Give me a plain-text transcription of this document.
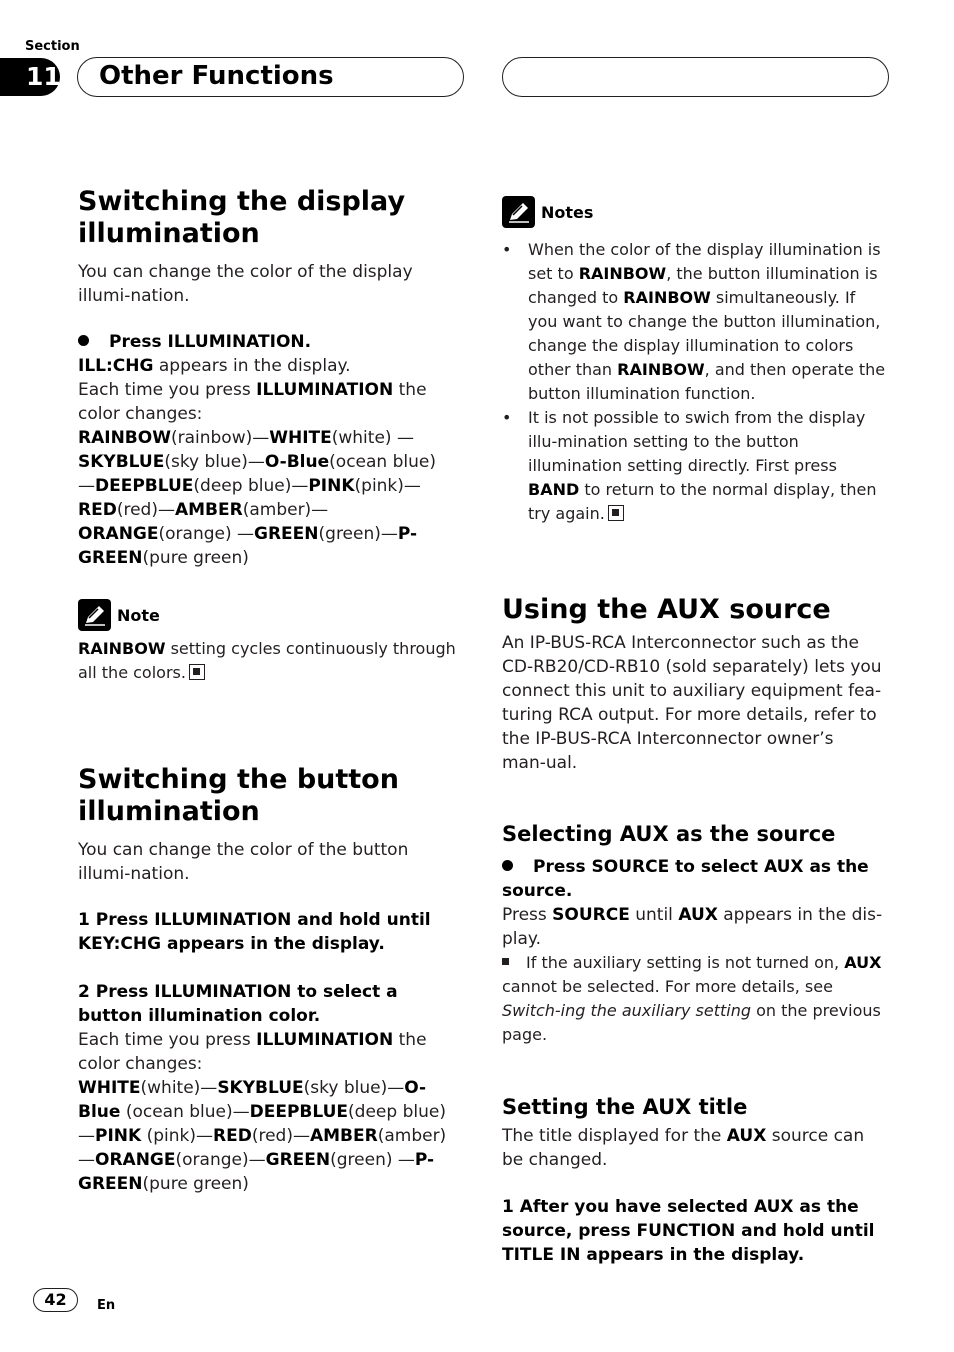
Section
11	Other Functions
Switching the display illumination

You can change the color of the display illumi-nation.

Press ILLUMINATION.

ILL:CHG appears in the display.

Each time you press ILLUMINATION the color changes:

RAINBOW(rainbow)—WHITE(white) —SKYBLUE(sky blue)—O-Blue(ocean blue) —DEEPBLUE(deep blue)—PINK(pink)—RED(red)—AMBER(amber)—ORANGE(orange) —GREEN(green)—P-GREEN(pure green)

Note

RAINBOW setting cycles continuously through all the colors.

Switching the button illumination

You can change the color of the button illumi-nation.

1 Press ILLUMINATION and hold until KEY:CHG appears in the display.

2 Press ILLUMINATION to select a button illumination color.

Each time you press ILLUMINATION the color changes:

WHITE(white)—SKYBLUE(sky blue)—O-Blue (ocean blue)—DEEPBLUE(deep blue)—PINK (pink)—RED(red)—AMBER(amber) —ORANGE(orange)—GREEN(green) —P-GREEN(pure green)

Notes
• When the color of the display illumination is set to RAINBOW, the button illumination is changed to RAINBOW simultaneously. If you want to change the button illumination, change the display illumination to colors other than RAINBOW, and then operate the button illumination function.
• It is not possible to swich from the display illu-mination setting to the button illumination setting directly. First press BAND to return to the normal display, then try again.
Using the AUX source

An IP-BUS-RCA Interconnector such as the CD-RB20/CD-RB10 (sold separately) lets you connect this unit to auxiliary equipment fea-turing RCA output. For more details, refer to the IP-BUS-RCA Interconnector owner’s man-ual.

Selecting AUX as the source
Press SOURCE to select AUX as the source.

Press SOURCE until AUX appears in the dis-play.

If the auxiliary setting is not turned on, AUX cannot be selected. For more details, see Switch-ing the auxiliary setting on the previous page.

Setting the AUX title

The title displayed for the AUX source can be changed.

1 After you have selected AUX as the source, press FUNCTION and hold until TITLE IN appears in the display.

42	En
